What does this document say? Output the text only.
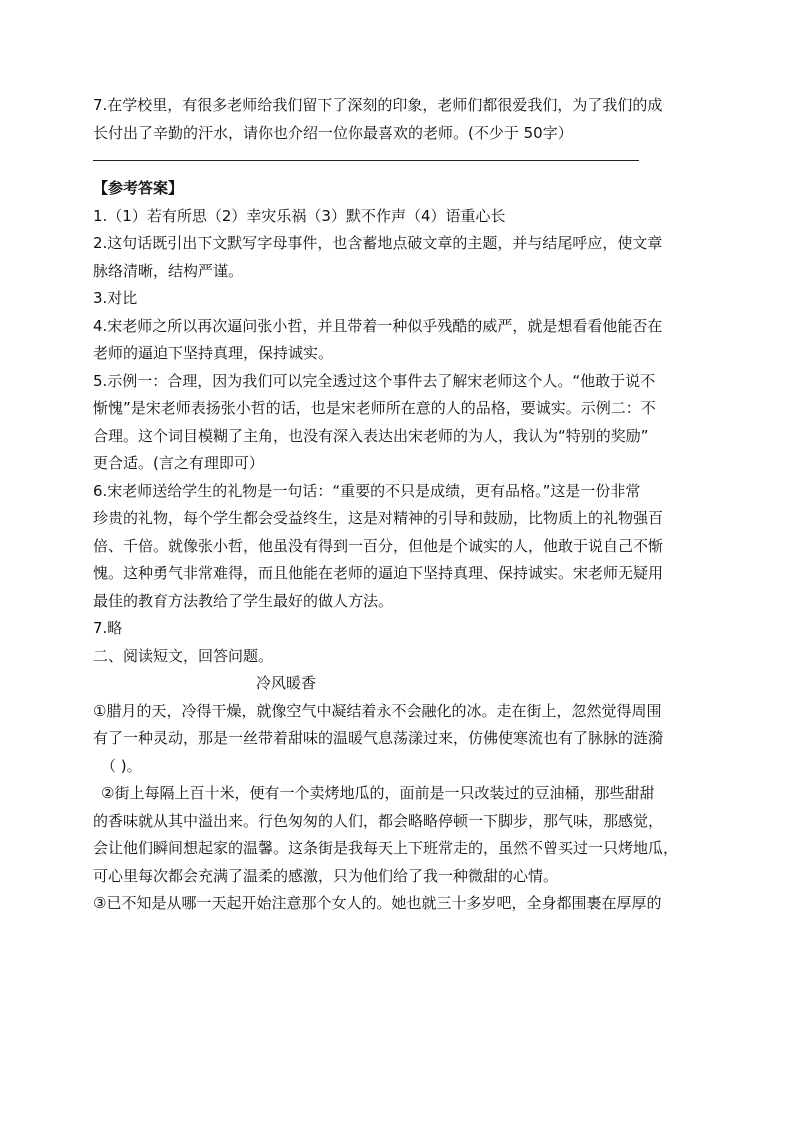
7.在学校里，有很多老师给我们留下了深刻的印象，老师们都很爱我们，为了我们的成

长付出了辛勤的汗水，请你也介绍一位你最喜欢的老师。(不少于 50字）

【参考答案】

1.（1）若有所思（2）幸灾乐祸（3）默不作声（4）语重心长

2.这句话既引出下文默写字母事件，也含蓄地点破文章的主题，并与结尾呼应，使文章

脉络清晰，结构严谨。

3.对比

4.宋老师之所以再次逼问张小哲，并且带着一种似乎残酷的威严，就是想看看他能否在

老师的逼迫下坚持真理，保持诚实。

5.示例一：合理，因为我们可以完全透过这个事件去了解宋老师这个人。“他敢于说不

惭愧”是宋老师表扬张小哲的话，也是宋老师所在意的人的品格，要诚实。示例二：不

合理。这个词目模糊了主角，也没有深入表达出宋老师的为人，我认为“特别的奖励”

更合适。(言之有理即可）

6.宋老师送给学生的礼物是一句话：“重要的不只是成绩，更有品格。”这是一份非常

珍贵的礼物，每个学生都会受益终生，这是对精神的引导和鼓励，比物质上的礼物强百

倍、千倍。就像张小哲，他虽没有得到一百分，但他是个诚实的人，他敢于说自己不惭

愧。这种勇气非常难得，而且他能在老师的逼迫下坚持真理、保持诚实。宋老师无疑用

最佳的教育方法教给了学生最好的做人方法。

7.略

二、阅读短文，回答问题。

冷风暖香

①腊月的天，冷得干燥，就像空气中凝结着永不会融化的冰。走在街上，忽然觉得周围

有了一种灵动，那是一丝带着甜味的温暖气息荡漾过来，仿佛使寒流也有了脉脉的涟漪

（ )。

②街上每隔上百十米，便有一个卖烤地瓜的，面前是一只改装过的豆油桶，那些甜甜

的香味就从其中溢出来。行色匆匆的人们，都会略略停顿一下脚步，那气味，那感觉，

会让他们瞬间想起家的温馨。这条街是我每天上下班常走的，虽然不曾买过一只烤地瓜，

可心里每次都会充满了温柔的感激，只为他们给了我一种微甜的心情。

③已不知是从哪一天起开始注意那个女人的。她也就三十多岁吧，全身都围裹在厚厚的
